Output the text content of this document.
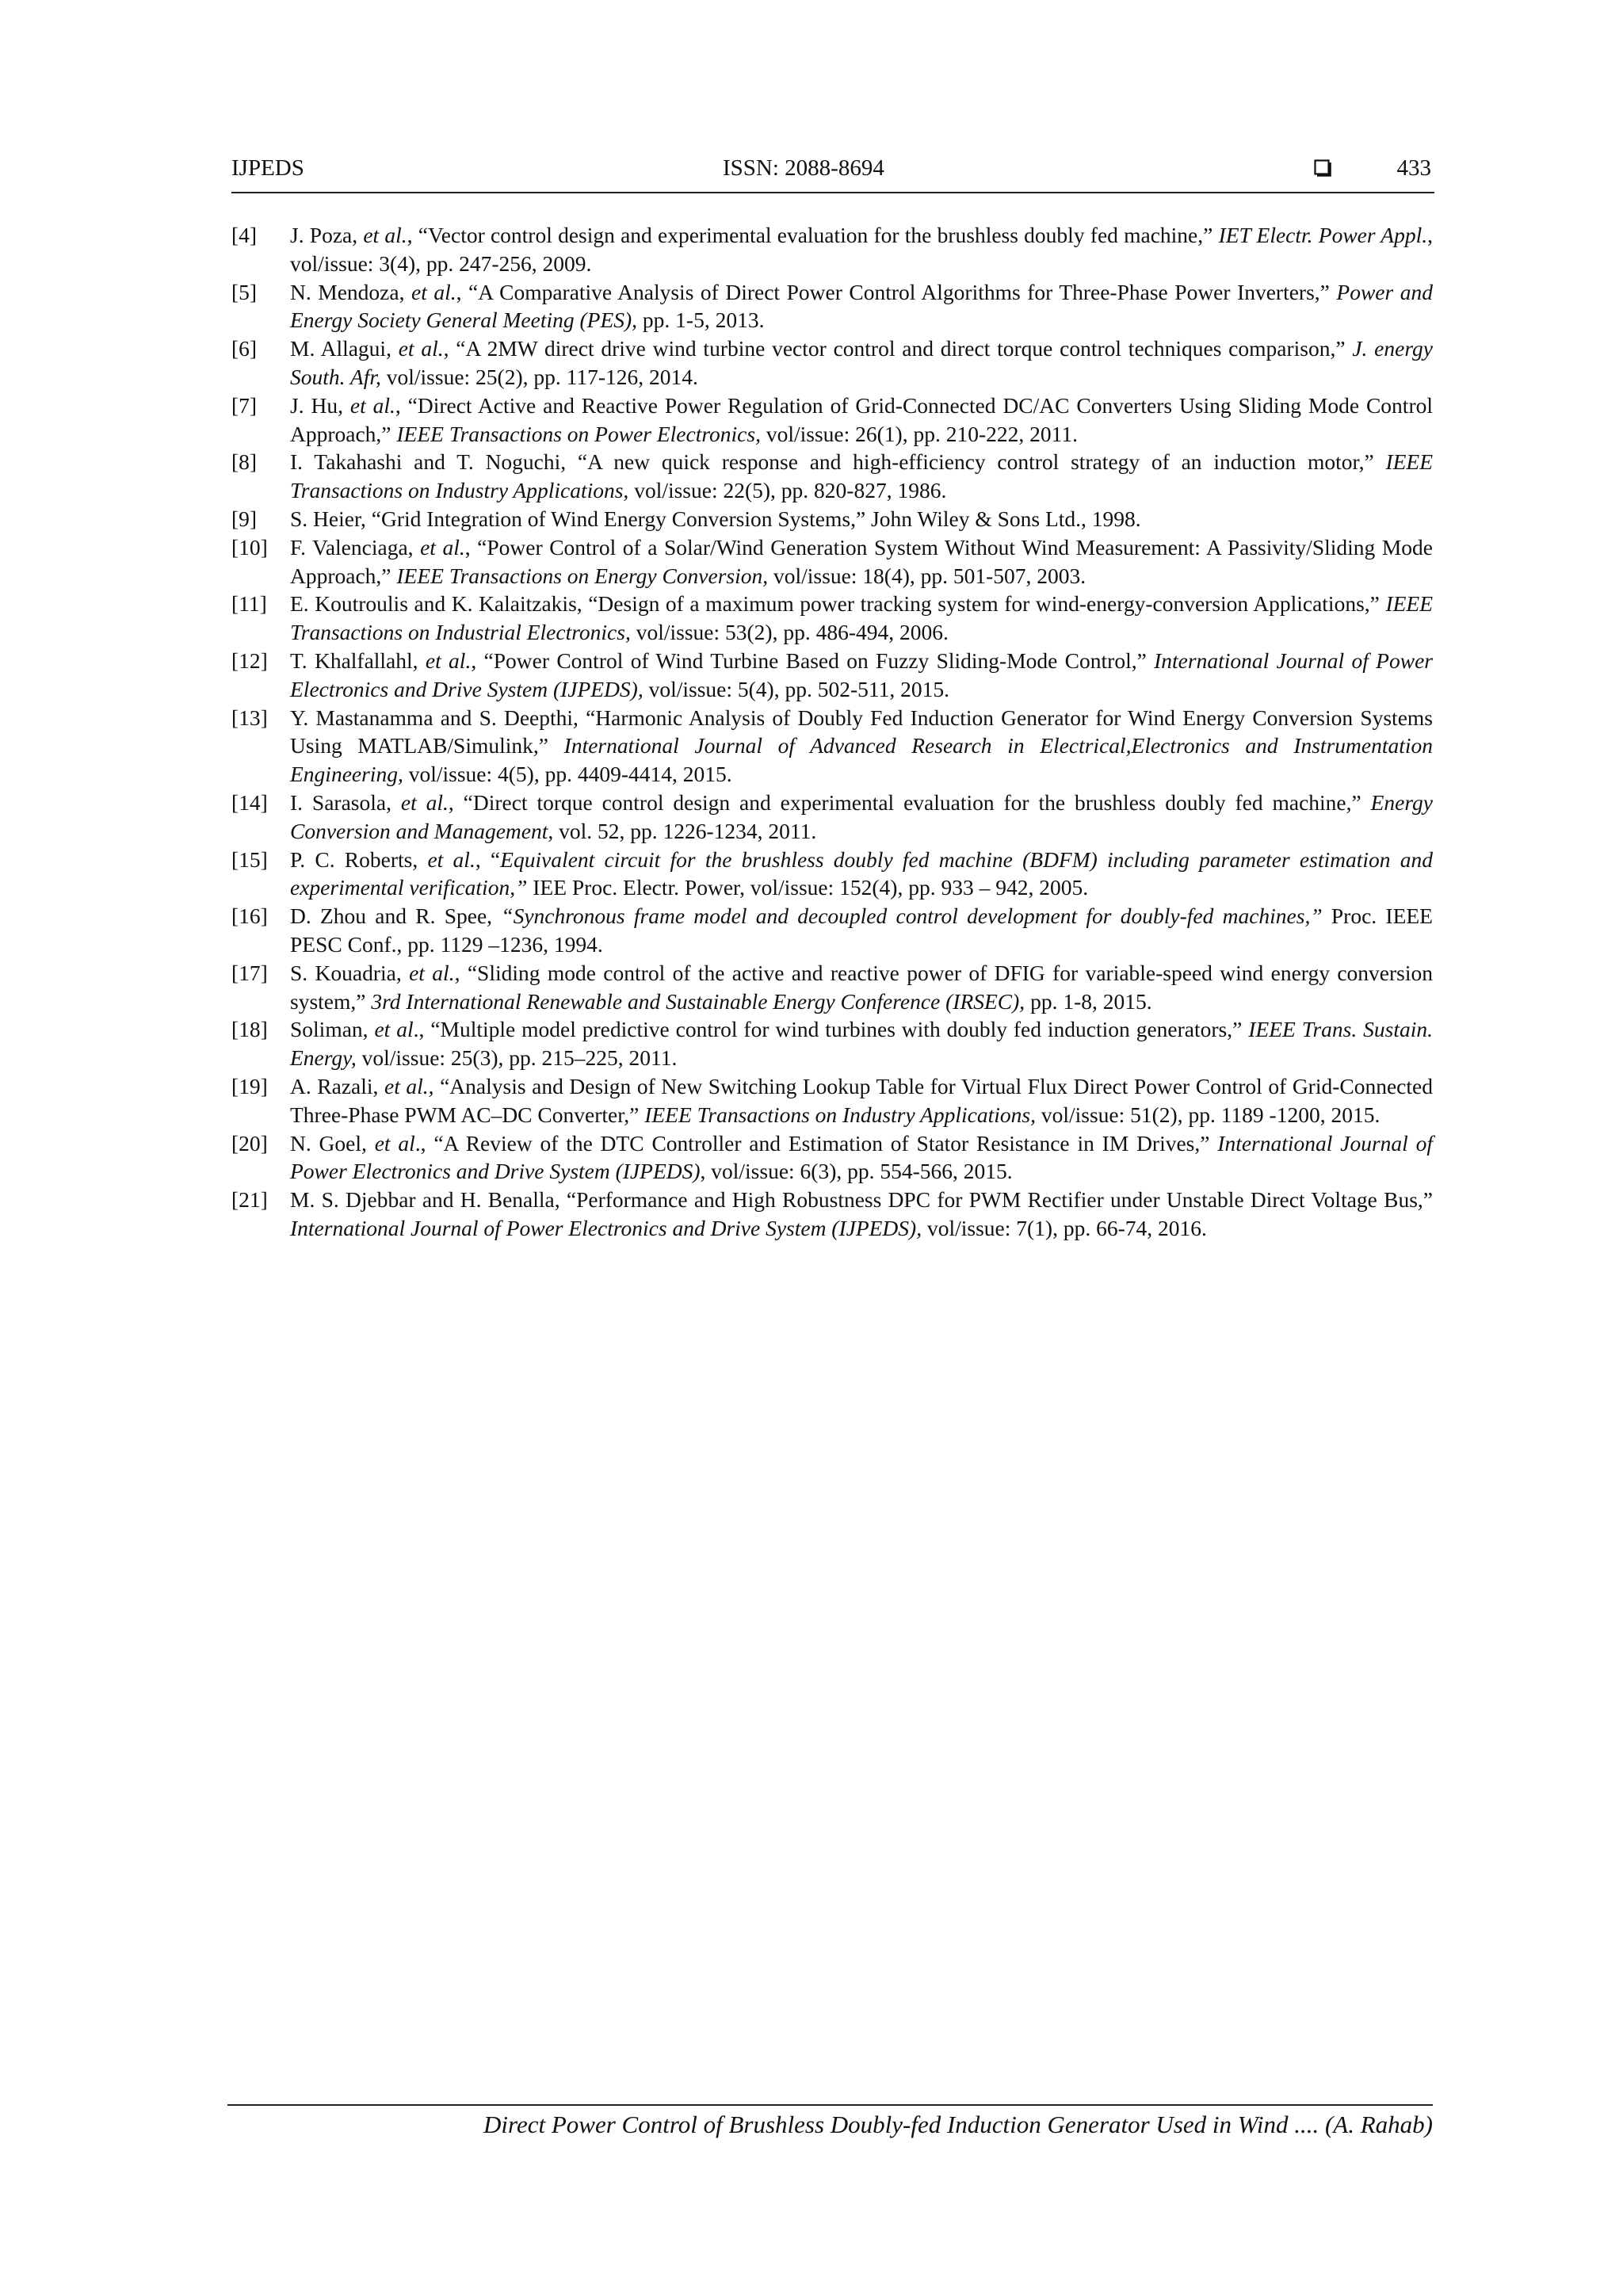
IJPEDS	ISSN: 2088-8694	433
[4]	J. Poza, et al., “Vector control design and experimental evaluation for the brushless doubly fed machine,” IET Electr. Power Appl., vol/issue: 3(4), pp. 247-256, 2009.
[5]	N. Mendoza, et al., “A Comparative Analysis of Direct Power Control Algorithms for Three-Phase Power Inverters,” Power and Energy Society General Meeting (PES), pp. 1-5, 2013.
[6]	M. Allagui, et al., “A 2MW direct drive wind turbine vector control and direct torque control techniques comparison,” J. energy South. Afr, vol/issue: 25(2), pp. 117-126, 2014.
[7]	J. Hu, et al., “Direct Active and Reactive Power Regulation of Grid-Connected DC/AC Converters Using Sliding Mode Control Approach,” IEEE Transactions on Power Electronics, vol/issue: 26(1), pp. 210-222, 2011.
[8]	I. Takahashi and T. Noguchi, “A new quick response and high-efficiency control strategy of an induction motor,” IEEE Transactions on Industry Applications, vol/issue: 22(5), pp. 820-827, 1986.
[9]	S. Heier, “Grid Integration of Wind Energy Conversion Systems,” John Wiley & Sons Ltd., 1998.
[10]	F. Valenciaga, et al., “Power Control of a Solar/Wind Generation System Without Wind Measurement: A Passivity/Sliding Mode Approach,” IEEE Transactions on Energy Conversion, vol/issue: 18(4), pp. 501-507, 2003.
[11]	E. Koutroulis and K. Kalaitzakis, “Design of a maximum power tracking system for wind-energy-conversion Applications,” IEEE Transactions on Industrial Electronics, vol/issue: 53(2), pp. 486-494, 2006.
[12]	T. Khalfallahl, et al., “Power Control of Wind Turbine Based on Fuzzy Sliding-Mode Control,” International Journal of Power Electronics and Drive System (IJPEDS), vol/issue: 5(4), pp. 502-511, 2015.
[13]	Y. Mastanamma and S. Deepthi, “Harmonic Analysis of Doubly Fed Induction Generator for Wind Energy Conversion Systems Using MATLAB/Simulink,” International Journal of Advanced Research in Electrical,Electronics and Instrumentation Engineering, vol/issue: 4(5), pp. 4409-4414, 2015.
[14]	I. Sarasola, et al., “Direct torque control design and experimental evaluation for the brushless doubly fed machine,” Energy Conversion and Management, vol. 52, pp. 1226-1234, 2011.
[15]	P. C. Roberts, et al., “Equivalent circuit for the brushless doubly fed machine (BDFM) including parameter estimation and experimental verification,” IEE Proc. Electr. Power, vol/issue: 152(4), pp. 933 – 942, 2005.
[16]	D. Zhou and R. Spee, “Synchronous frame model and decoupled control development for doubly-fed machines,” Proc. IEEE PESC Conf., pp. 1129 –1236, 1994.
[17]	S. Kouadria, et al., “Sliding mode control of the active and reactive power of DFIG for variable-speed wind energy conversion system,” 3rd International Renewable and Sustainable Energy Conference (IRSEC), pp. 1-8, 2015.
[18]	Soliman, et al., “Multiple model predictive control for wind turbines with doubly fed induction generators,” IEEE Trans. Sustain. Energy, vol/issue: 25(3), pp. 215–225, 2011.
[19]	A. Razali, et al., “Analysis and Design of New Switching Lookup Table for Virtual Flux Direct Power Control of Grid-Connected Three-Phase PWM AC–DC Converter,” IEEE Transactions on Industry Applications, vol/issue: 51(2), pp. 1189 -1200, 2015.
[20]	N. Goel, et al., “A Review of the DTC Controller and Estimation of Stator Resistance in IM Drives,” International Journal of Power Electronics and Drive System (IJPEDS), vol/issue: 6(3), pp. 554-566, 2015.
[21]	M. S. Djebbar and H. Benalla, “Performance and High Robustness DPC for PWM Rectifier under Unstable Direct Voltage Bus,” International Journal of Power Electronics and Drive System (IJPEDS), vol/issue: 7(1), pp. 66-74, 2016.
Direct Power Control of Brushless Doubly-fed Induction Generator Used in Wind .... (A. Rahab)
